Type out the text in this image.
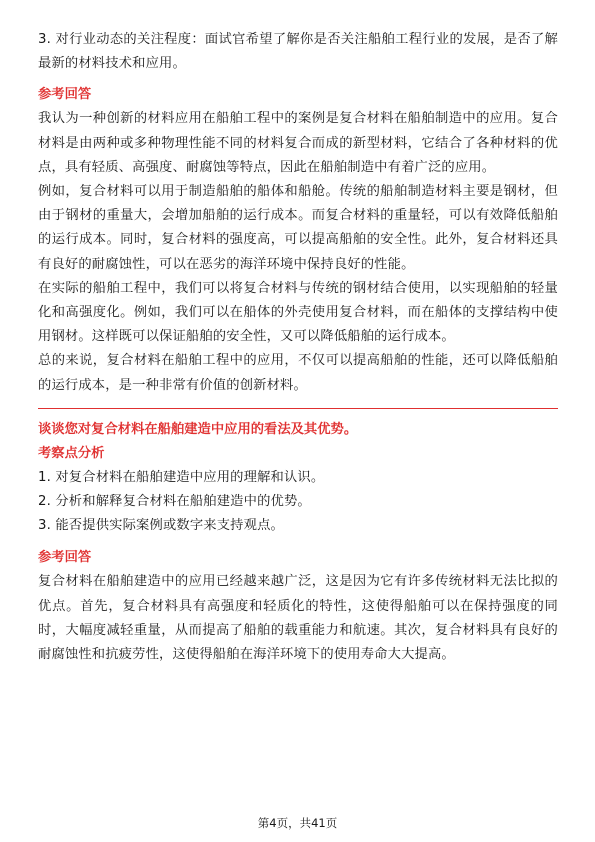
3. 对行业动态的关注程度：面试官希望了解你是否关注船舶工程行业的发展，是否了解最新的材料技术和应用。

参考回答

我认为一种创新的材料应用在船舶工程中的案例是复合材料在船舶制造中的应用。复合材料是由两种或多种物理性能不同的材料复合而成的新型材料，它结合了各种材料的优点，具有轻质、高强度、耐腐蚀等特点，因此在船舶制造中有着广泛的应用。

例如，复合材料可以用于制造船舶的船体和船舱。传统的船舶制造材料主要是钢材，但由于钢材的重量大，会增加船舶的运行成本。而复合材料的重量轻，可以有效降低船舶的运行成本。同时，复合材料的强度高，可以提高船舶的安全性。此外，复合材料还具有良好的耐腐蚀性，可以在恶劣的海洋环境中保持良好的性能。

在实际的船舶工程中，我们可以将复合材料与传统的钢材结合使用，以实现船舶的轻量化和高强度化。例如，我们可以在船体的外壳使用复合材料，而在船体的支撑结构中使用钢材。这样既可以保证船舶的安全性，又可以降低船舶的运行成本。

总的来说，复合材料在船舶工程中的应用，不仅可以提高船舶的性能，还可以降低船舶的运行成本，是一种非常有价值的创新材料。

谈谈您对复合材料在船舶建造中应用的看法及其优势。
考察点分析

1. 对复合材料在船舶建造中应用的理解和认识。

2. 分析和解释复合材料在船舶建造中的优势。

3. 能否提供实际案例或数字来支持观点。

参考回答

复合材料在船舶建造中的应用已经越来越广泛，这是因为它有许多传统材料无法比拟的优点。首先，复合材料具有高强度和轻质化的特性，这使得船舶可以在保持强度的同时，大幅度减轻重量，从而提高了船舶的载重能力和航速。其次，复合材料具有良好的耐腐蚀性和抗疲劳性，这使得船舶在海洋环境下的使用寿命大大提高。

第4页，共41页
